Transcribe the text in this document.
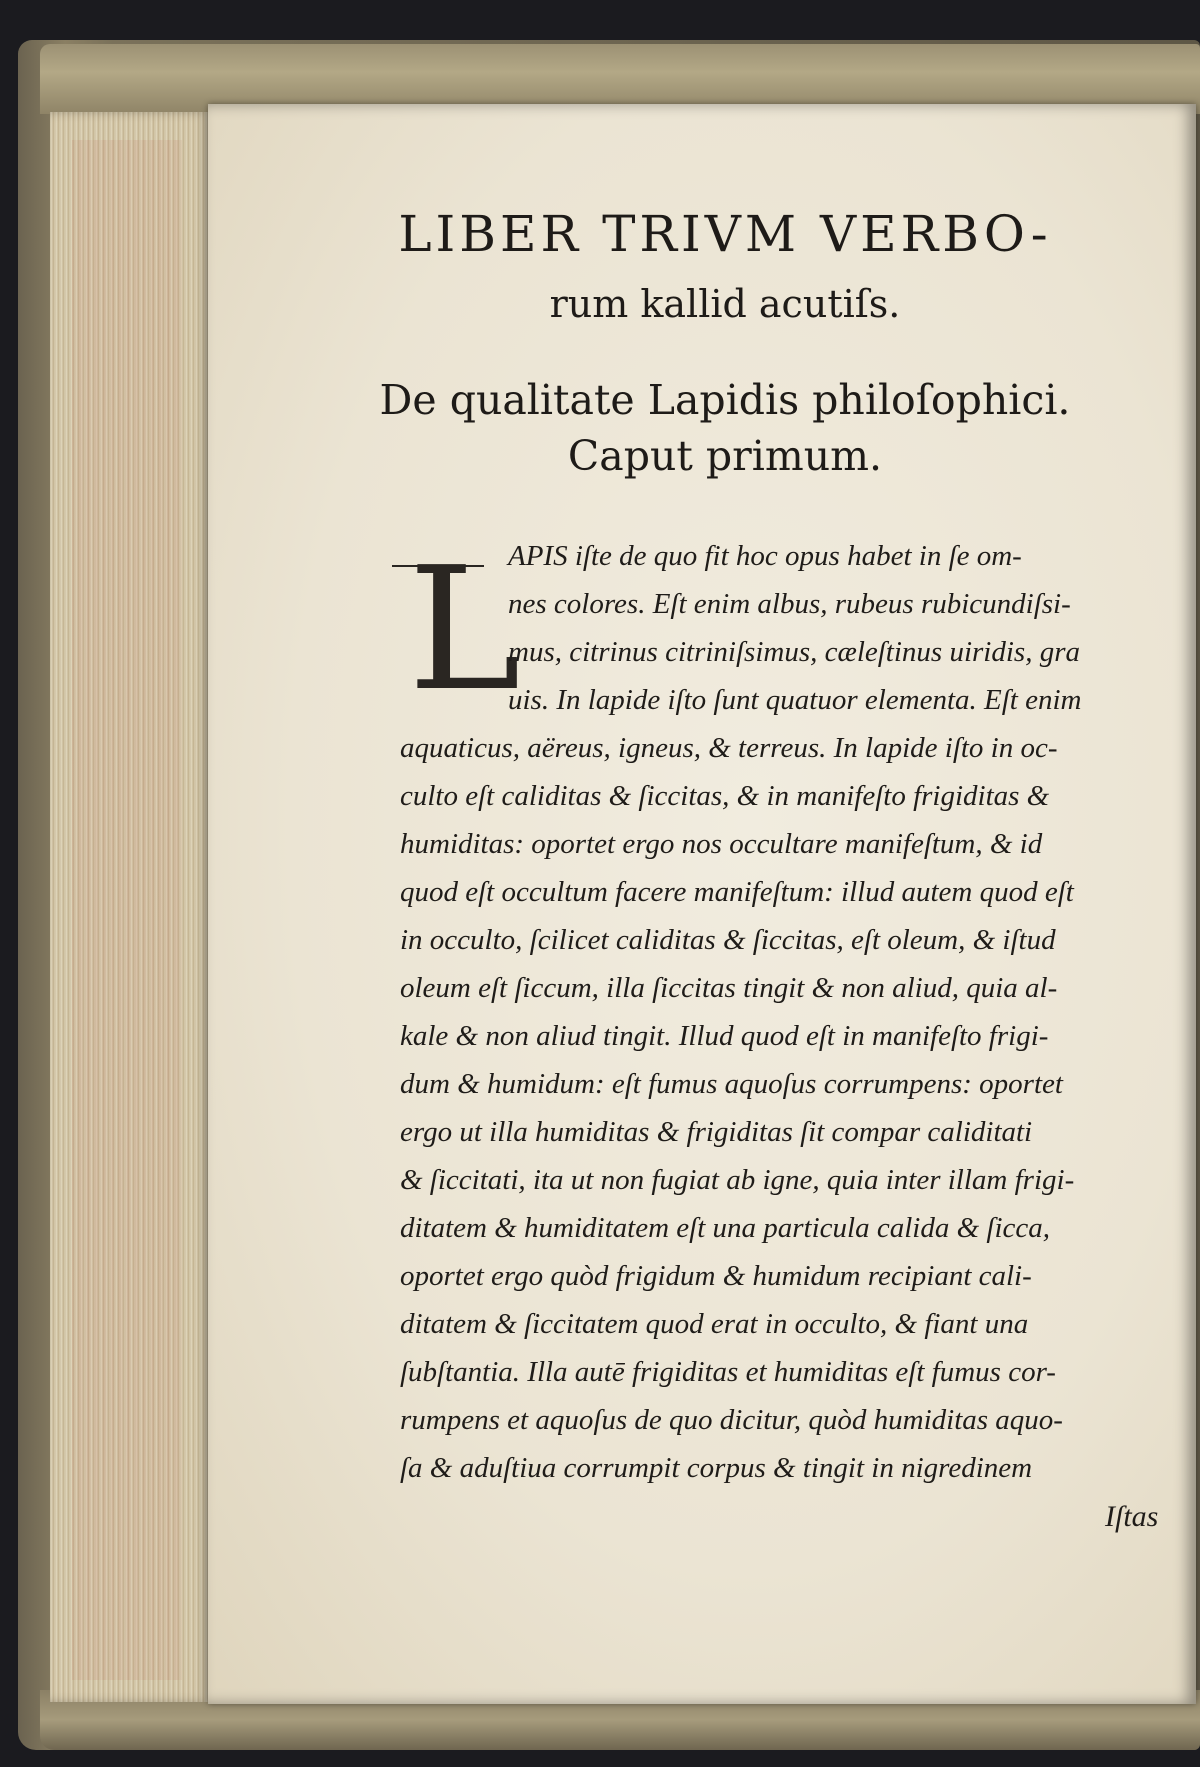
LIBER TRIVM VERBO-
rum kallid acutiſs.
De qualitate Lapidis philoſophici.
Caput primum.
L
APIS iſte de quo fit hoc opus habet in ſe om-
nes colores. Eſt enim albus, rubeus rubicundiſsi-
mus, citrinus citriniſsimus, cæleſtinus uiridis, gra
uis. In lapide iſto ſunt quatuor elementa. Eſt enim
aquaticus, aëreus, igneus, & terreus. In lapide iſto in oc-
culto eſt caliditas & ſiccitas, & in manifeſto frigiditas &
humiditas: oportet ergo nos occultare manifeſtum, & id
quod eſt occultum facere manifeſtum: illud autem quod eſt
in occulto, ſcilicet caliditas & ſiccitas, eſt oleum, & iſtud
oleum eſt ſiccum, illa ſiccitas tingit & non aliud, quia al-
kale & non aliud tingit. Illud quod eſt in manifeſto frigi-
dum & humidum: eſt fumus aquoſus corrumpens: oportet
ergo ut illa humiditas & frigiditas ſit compar caliditati
& ſiccitati, ita ut non fugiat ab igne, quia inter illam frigi-
ditatem & humiditatem eſt una particula calida & ſicca,
oportet ergo quòd frigidum & humidum recipiant cali-
ditatem & ſiccitatem quod erat in occulto, & fiant una
ſubſtantia. Illa autē frigiditas et humiditas eſt fumus cor-
rumpens et aquoſus de quo dicitur, quòd humiditas aquo-
ſa & aduſtiua corrumpit corpus & tingit in nigredinem
Iſtas
